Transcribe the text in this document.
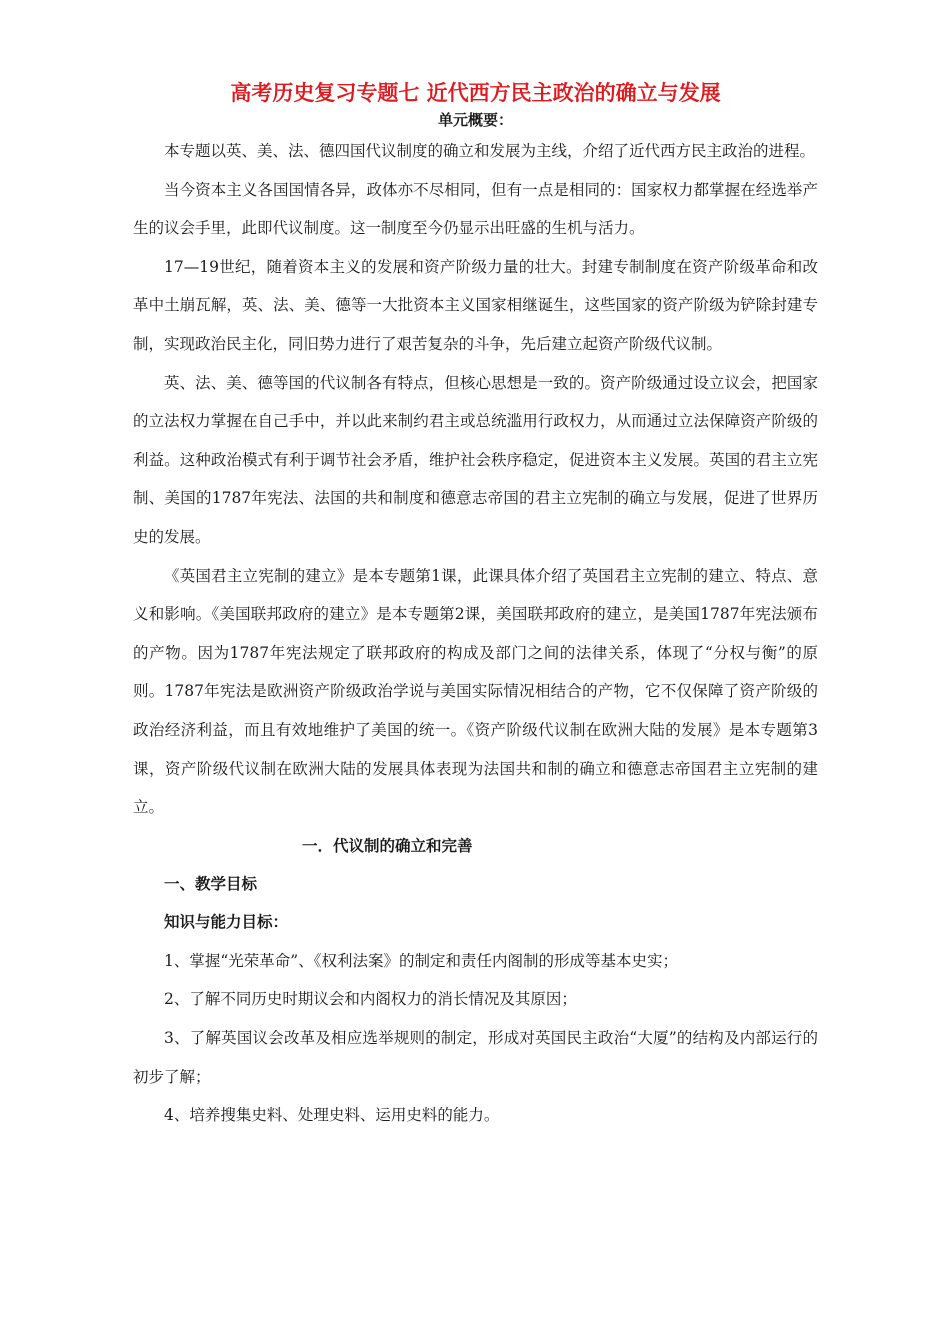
高考历史复习专题七 近代西方民主政治的确立与发展
单元概要：

本专题以英、美、法、德四国代议制度的确立和发展为主线，介绍了近代西方民主政治的进程。

当今资本主义各国国情各异，政体亦不尽相同，但有一点是相同的：国家权力都掌握在经选举产生的议会手里，此即代议制度。这一制度至今仍显示出旺盛的生机与活力。

17—19世纪，随着资本主义的发展和资产阶级力量的壮大。封建专制制度在资产阶级革命和改革中土崩瓦解，英、法、美、德等一大批资本主义国家相继诞生，这些国家的资产阶级为铲除封建专制，实现政治民主化，同旧势力进行了艰苦复杂的斗争，先后建立起资产阶级代议制。

英、法、美、德等国的代议制各有特点，但核心思想是一致的。资产阶级通过设立议会，把国家的立法权力掌握在自己手中，并以此来制约君主或总统滥用行政权力，从而通过立法保障资产阶级的利益。这种政治模式有利于调节社会矛盾，维护社会秩序稳定，促进资本主义发展。英国的君主立宪制、美国的1787年宪法、法国的共和制度和德意志帝国的君主立宪制的确立与发展，促进了世界历史的发展。

《英国君主立宪制的建立》是本专题第1课，此课具体介绍了英国君主立宪制的建立、特点、意义和影响。《美国联邦政府的建立》是本专题第2课，美国联邦政府的建立，是美国1787年宪法颁布的产物。因为1787年宪法规定了联邦政府的构成及部门之间的法律关系，体现了“分权与衡”的原则。1787年宪法是欧洲资产阶级政治学说与美国实际情况相结合的产物，它不仅保障了资产阶级的政治经济利益，而且有效地维护了美国的统一。《资产阶级代议制在欧洲大陆的发展》是本专题第3课，资产阶级代议制在欧洲大陆的发展具体表现为法国共和制的确立和德意志帝国君主立宪制的建立。

一．代议制的确立和完善
一、教学目标
知识与能力目标：

1、掌握“光荣革命”、《权利法案》的制定和责任内阁制的形成等基本史实；

2、了解不同历史时期议会和内阁权力的消长情况及其原因；

3、了解英国议会改革及相应选举规则的制定，形成对英国民主政治“大厦”的结构及内部运行的初步了解；

4、培养搜集史料、处理史料、运用史料的能力。
